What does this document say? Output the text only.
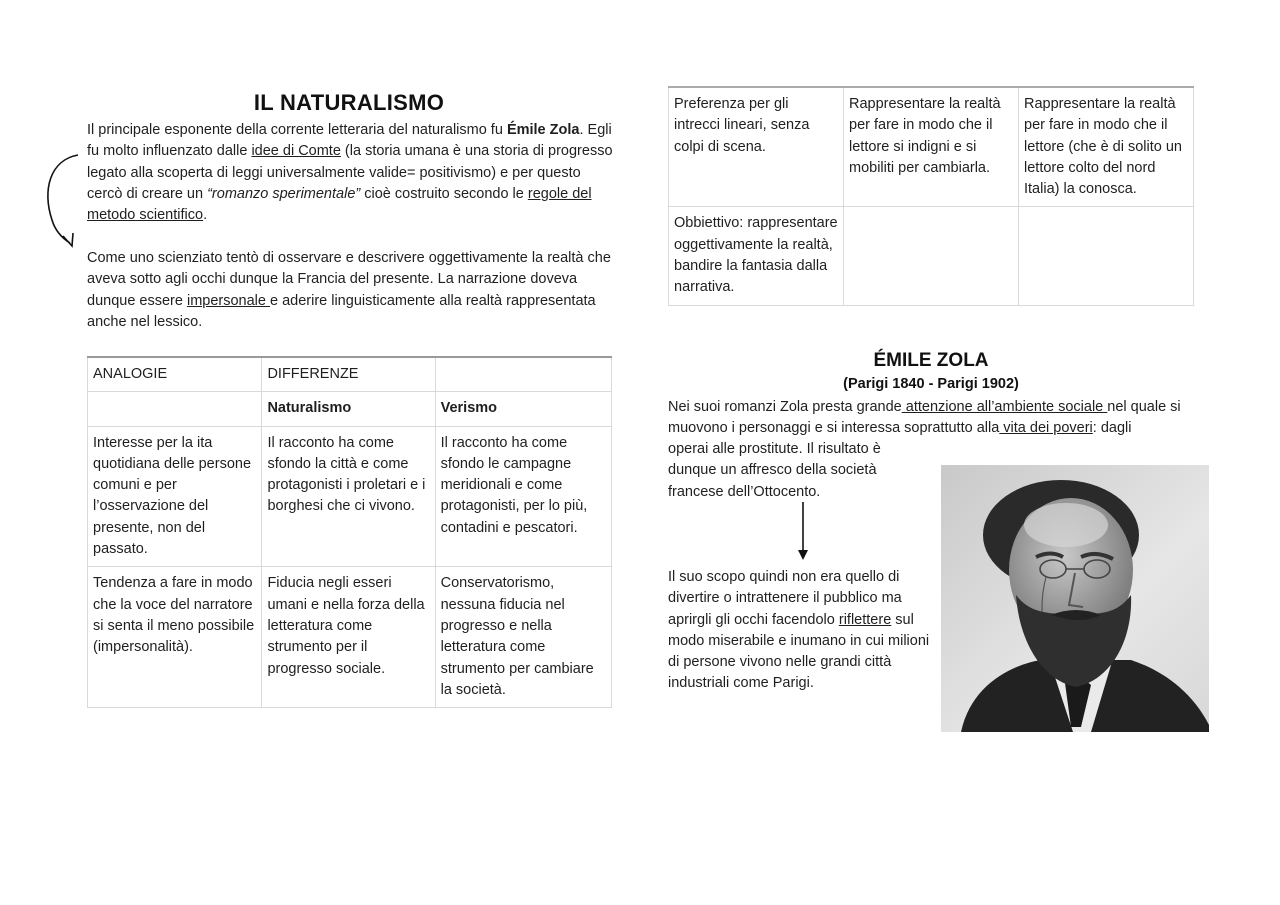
IL NATURALISMO

Il principale esponente della corrente letteraria del naturalismo fu Émile Zola. Egli fu molto influenzato dalle idee di Comte (la storia umana è una storia di progresso legato alla scoperta di leggi universalmente valide= positivismo) e per questo cercò di creare un “romanzo sperimentale” cioè costruito secondo le regole del metodo scientifico.

Come uno scienziato tentò di osservare e descrivere oggettivamente la realtà che aveva sotto agli occhi dunque la Francia del presente. La narrazione doveva dunque essere impersonale e aderire linguisticamente alla realtà rappresentata anche nel lessico.

ANALOGIE	DIFFERENZE	
	Naturalismo	Verismo
Interesse per la ita quotidiana delle persone comuni e per l’osservazione del presente, non del passato.	Il racconto ha come sfondo la città e come protagonisti i proletari e i borghesi che ci vivono.	Il racconto ha come sfondo le campagne meridionali e come protagonisti, per lo più, contadini e pescatori.
Tendenza a fare in modo che la voce del narratore si senta il meno possibile (impersonalità).	Fiducia negli esseri umani e nella forza della letteratura come strumento per il progresso sociale.	Conservatorismo, nessuna fiducia nel progresso e nella letteratura come strumento per cambiare la società.
Preferenza per gli intrecci lineari, senza colpi di scena.	Rappresentare la realtà per fare in modo che il lettore si indigni e si mobiliti per cambiarla.	Rappresentare la realtà per fare in modo che il lettore (che è di solito un lettore colto del nord Italia) la conosca.
Obbiettivo: rappresentare oggettivamente la realtà, bandire la fantasia dalla narrativa.		
ÉMILE ZOLA
(Parigi 1840 - Parigi 1902)

Nei suoi romanzi Zola presta grande attenzione all’ambiente sociale nel quale si muovono i personaggi e si interessa soprattutto alla vita dei poveri: dagli

operai alle prostitute. Il risultato è dunque un affresco della società francese dell’Ottocento.

Il suo scopo quindi non era quello di divertire o intrattenere il pubblico ma aprirgli gli occhi facendolo riflettere sul modo miserabile e inumano in cui milioni di persone vivono nelle grandi città industriali come Parigi.
